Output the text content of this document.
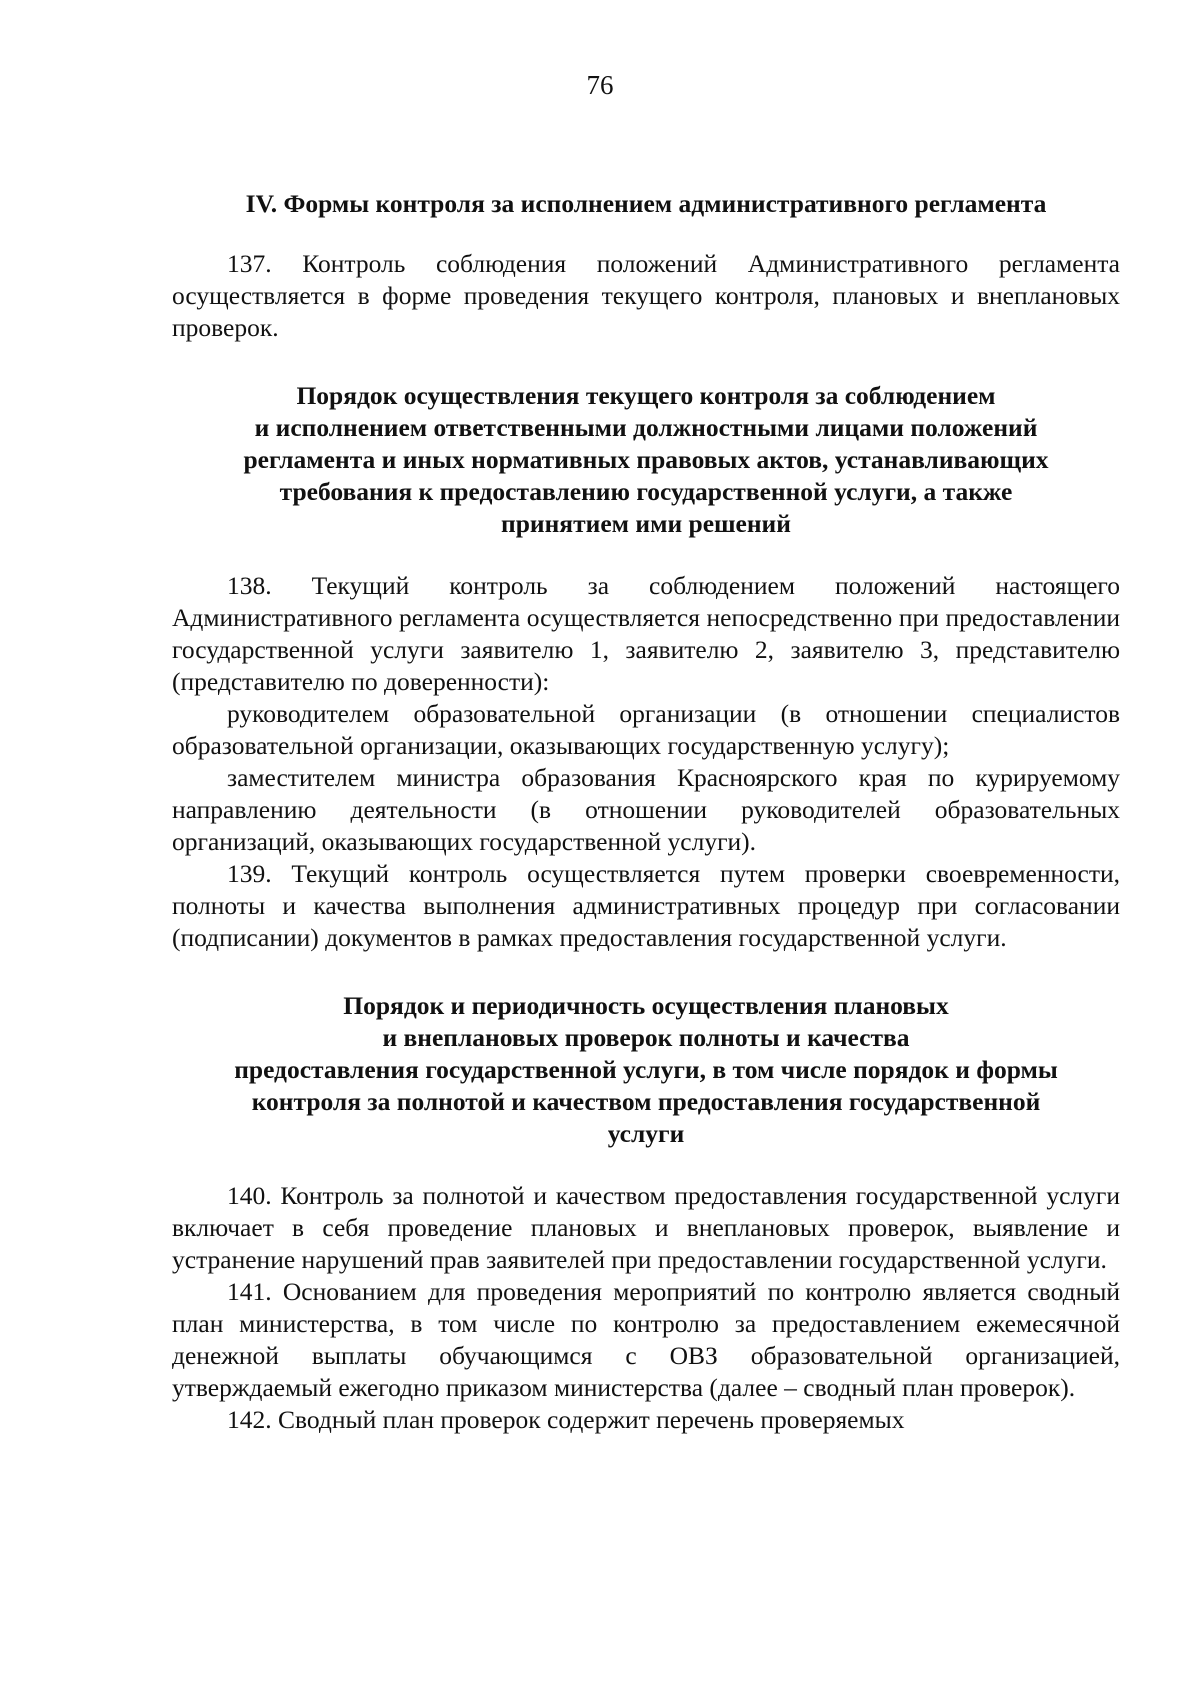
76
IV. Формы контроля за исполнением административного регламента

137. Контроль соблюдения положений Административного регламента осуществляется в форме проведения текущего контроля, плановых и внеплановых проверок.

Порядок осуществления текущего контроля за соблюдением
и исполнением ответственными должностными лицами положений
регламента и иных нормативных правовых актов, устанавливающих
требования к предоставлению государственной услуги, а также
принятием ими решений

138. Текущий контроль за соблюдением положений настоящего Административного регламента осуществляется непосредственно при предоставлении государственной услуги заявителю 1, заявителю 2, заявителю 3, представителю (представителю по доверенности):

руководителем образовательной организации (в отношении специалистов образовательной организации, оказывающих государственную услугу);

заместителем министра образования Красноярского края по курируемому направлению деятельности (в отношении руководителей образовательных организаций, оказывающих государственной услуги).

139. Текущий контроль осуществляется путем проверки своевременности, полноты и качества выполнения административных процедур при согласовании (подписании) документов в рамках предоставления государственной услуги.

Порядок и периодичность осуществления плановых
и внеплановых проверок полноты и качества
предоставления государственной услуги, в том числе порядок и формы
контроля за полнотой и качеством предоставления государственной
услуги

140. Контроль за полнотой и качеством предоставления государственной услуги включает в себя проведение плановых и внеплановых проверок, выявление и устранение нарушений прав заявителей при предоставлении государственной услуги.

141. Основанием для проведения мероприятий по контролю является сводный план министерства, в том числе по контролю за предоставлением ежемесячной денежной выплаты обучающимся с ОВЗ образовательной организацией, утверждаемый ежегодно приказом министерства (далее – сводный план проверок).

142. Сводный план проверок содержит перечень проверяемых
